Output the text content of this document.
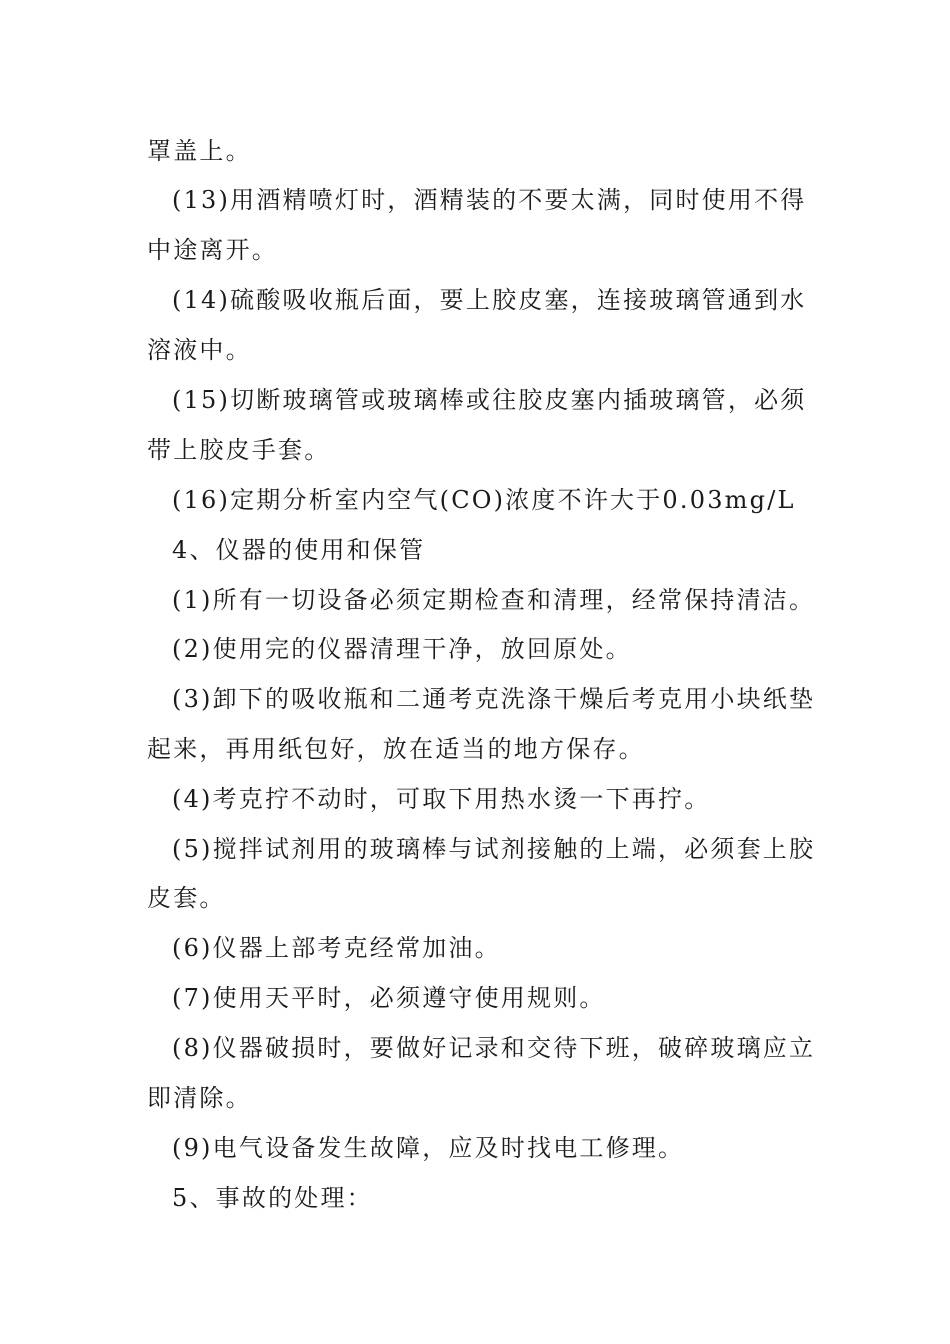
罩盖上。
(13)用酒精喷灯时，酒精装的不要太满，同时使用不得
中途离开。
(14)硫酸吸收瓶后面，要上胶皮塞，连接玻璃管通到水
溶液中。
(15)切断玻璃管或玻璃棒或往胶皮塞内插玻璃管，必须
带上胶皮手套。
(16)定期分析室内空气(CO)浓度不许大于0.03mg/L
4、仪器的使用和保管
(1)所有一切设备必须定期检查和清理，经常保持清洁。
(2)使用完的仪器清理干净，放回原处。
(3)卸下的吸收瓶和二通考克洗涤干燥后考克用小块纸垫
起来，再用纸包好，放在适当的地方保存。
(4)考克拧不动时，可取下用热水烫一下再拧。
(5)搅拌试剂用的玻璃棒与试剂接触的上端，必须套上胶
皮套。
(6)仪器上部考克经常加油。
(7)使用天平时，必须遵守使用规则。
(8)仪器破损时，要做好记录和交待下班，破碎玻璃应立
即清除。
(9)电气设备发生故障，应及时找电工修理。
5、事故的处理：
